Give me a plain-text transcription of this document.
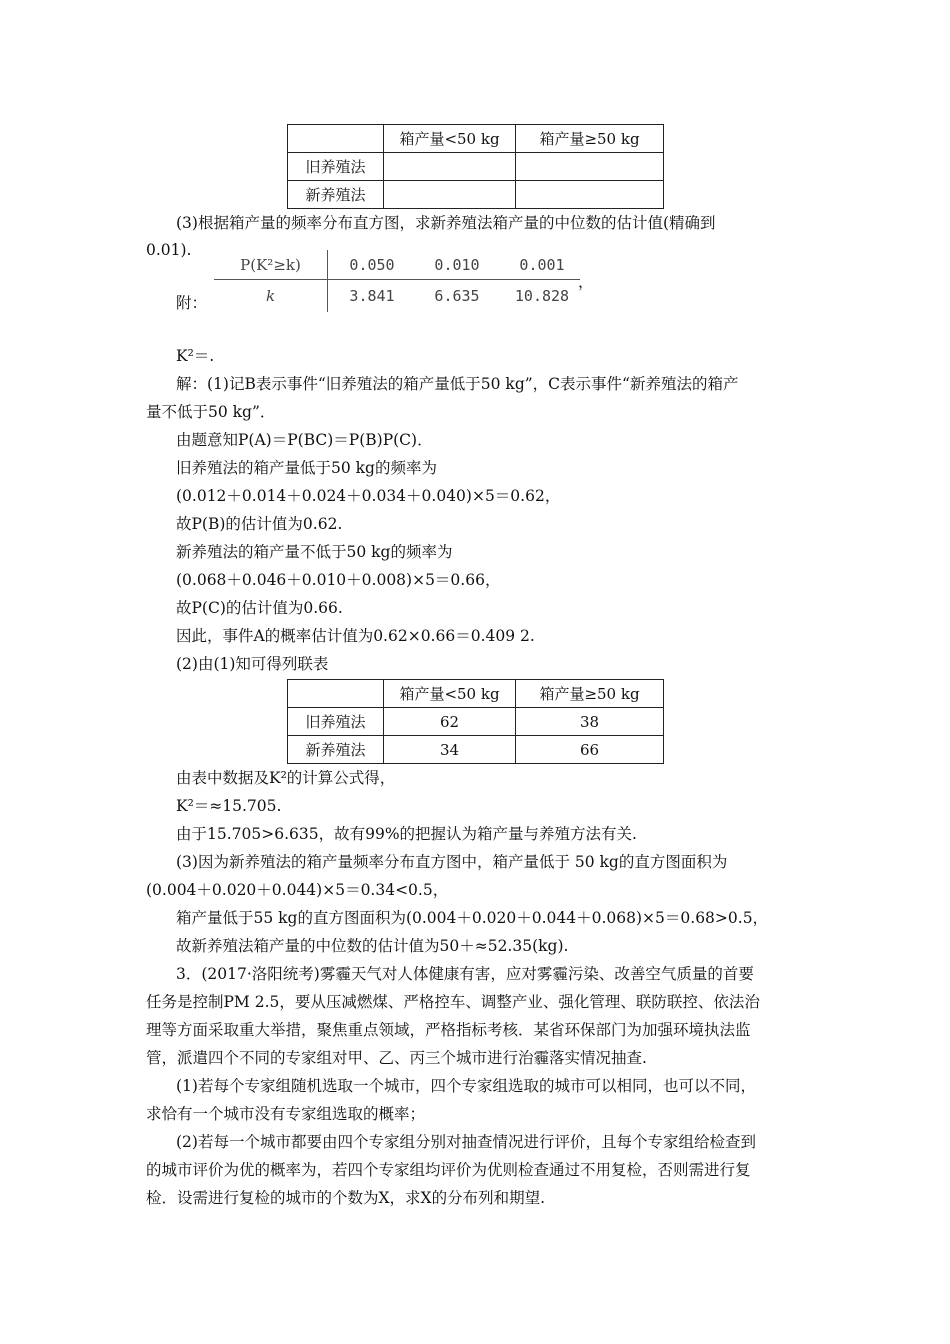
	箱产量<50 kg	箱产量≥50 kg
旧养殖法		
新养殖法		
(3)根据箱产量的频率分布直方图，求新养殖法箱产量的中位数的估计值(精确到
0.01).
附：
P(K²≥k)	0.050	0.010	0.001
k	3.841	6.635	10.828
，
K²＝.
解：(1)记B表示事件“旧养殖法的箱产量低于50 kg”，C表示事件“新养殖法的箱产
量不低于50 kg”．
由题意知P(A)＝P(BC)＝P(B)P(C)．
旧养殖法的箱产量低于50 kg的频率为
(0.012＋0.014＋0.024＋0.034＋0.040)×5＝0.62，
故P(B)的估计值为0.62.
新养殖法的箱产量不低于50 kg的频率为
(0.068＋0.046＋0.010＋0.008)×5＝0.66，
故P(C)的估计值为0.66.
因此，事件A的概率估计值为0.62×0.66＝0.409 2.
(2)由(1)知可得列联表
	箱产量<50 kg	箱产量≥50 kg
旧养殖法	62	38
新养殖法	34	66
由表中数据及K²的计算公式得，
K²＝≈15.705.
由于15.705>6.635，故有99%的把握认为箱产量与养殖方法有关.
(3)因为新养殖法的箱产量频率分布直方图中，箱产量低于 50 kg的直方图面积为
(0.004＋0.020＋0.044)×5＝0.34<0.5，
箱产量低于55 kg的直方图面积为(0.004＋0.020＋0.044＋0.068)×5＝0.68>0.5，
故新养殖法箱产量的中位数的估计值为50＋≈52.35(kg).
3．(2017·洛阳统考)雾霾天气对人体健康有害，应对雾霾污染、改善空气质量的首要
任务是控制PM 2.5，要从压减燃煤、严格控车、调整产业、强化管理、联防联控、依法治
理等方面采取重大举措，聚焦重点领域，严格指标考核．某省环保部门为加强环境执法监
管，派遣四个不同的专家组对甲、乙、丙三个城市进行治霾落实情况抽查.
(1)若每个专家组随机选取一个城市，四个专家组选取的城市可以相同，也可以不同，
求恰有一个城市没有专家组选取的概率；
(2)若每一个城市都要由四个专家组分别对抽查情况进行评价，且每个专家组给检查到
的城市评价为优的概率为，若四个专家组均评价为优则检查通过不用复检，否则需进行复
检．设需进行复检的城市的个数为X，求X的分布列和期望.
